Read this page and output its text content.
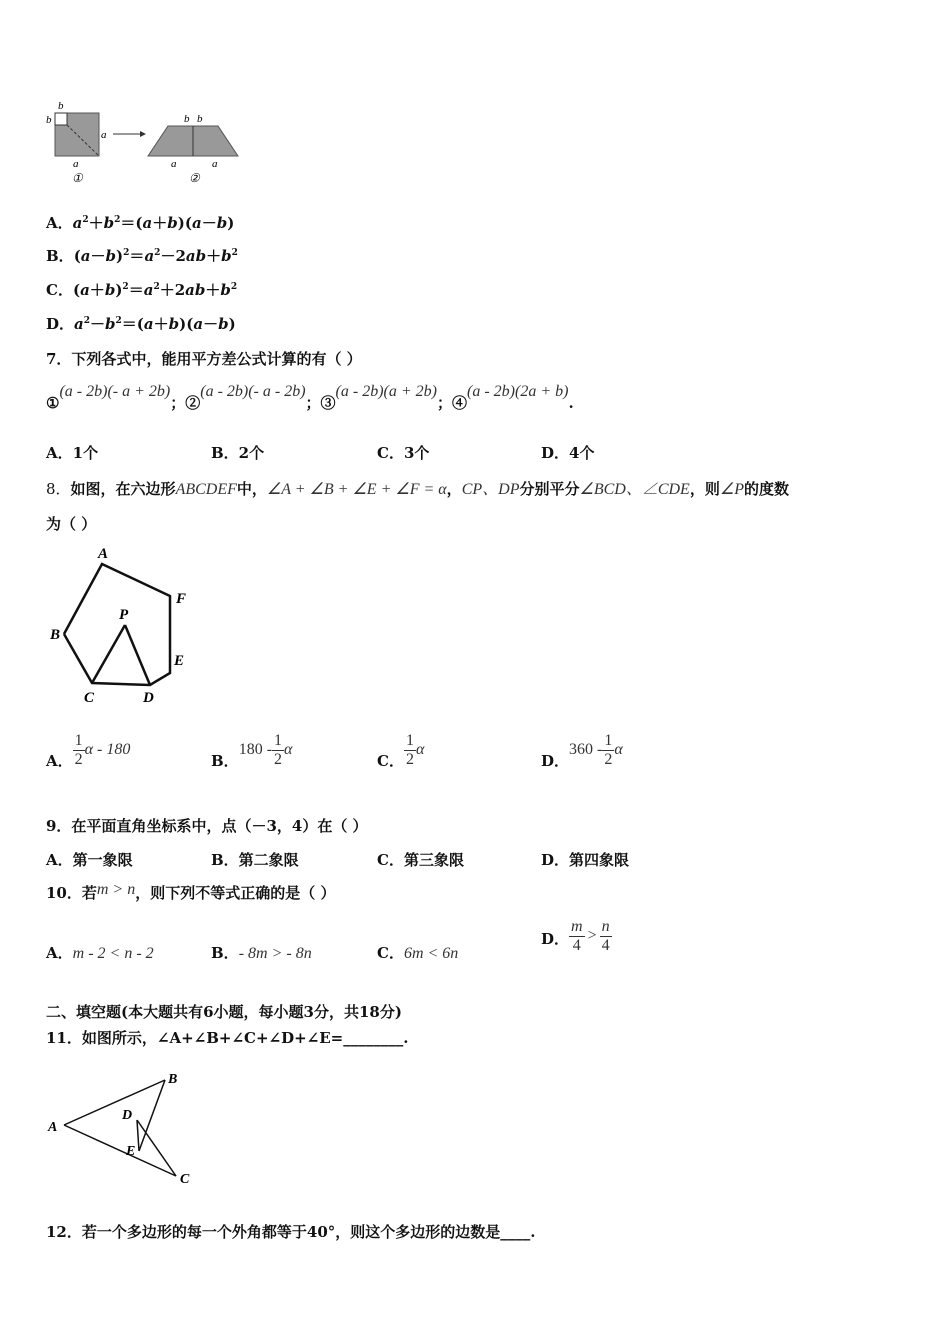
b
b
a
a
①
b b
a	a
②
A．$a^2+b^2=(a+b)(a-b)$
B．$(a-b)^2=a^2-2ab+b^2$
C．$(a+b)^2=a^2+2ab+b^2$
D．$a^2-b^2=(a+b)(a-b)$
7．下列各式中，能用平方差公式计算的有（ ）
①(a - 2b)(- a + 2b)；②(a - 2b)(- a - 2b)；③(a - 2b)(a + 2b)；④(a - 2b)(2a + b).
A．1个	B．2个	C．3个	D．4个
8．如图，在六边形ABCDEF中，∠A + ∠B + ∠E + ∠F = α，CP、DP分别平分∠BCD、∠CDE，则∠P的度数
为（ ）
A
F
B
P
E
C	D
A． $\frac{1}{2}$ α - 180
B．$180 - \frac{1}{2}$ α
C． $\frac{1}{2}$ α
D．$360 - \frac{1}{2}$ α
9．在平面直角坐标系中，点（－3，4）在（ ）
A．第一象限	B．第二象限	C．第三象限	D．第四象限
10．若m > n，则下列不等式正确的是（ ）
A．m - 2 < n - 2	B．- 8m > - 8n	C．6m < 6n
D． $\frac{m}{4} > \frac{n}{4}$
二、填空题(本大题共有6小题，每小题3分，共18分)
11．如图所示，∠A+∠B+∠C+∠D+∠E=________.
A
B
D
E
C
12．若一个多边形的每一个外角都等于40°，则这个多边形的边数是____.
